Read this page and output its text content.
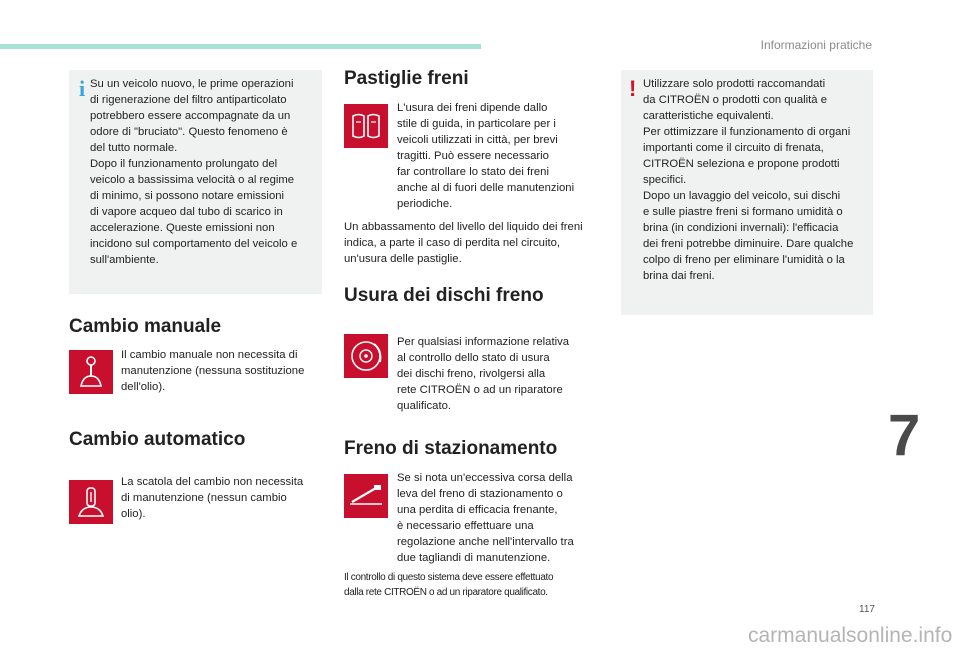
Informazioni pratiche
i Su un veicolo nuovo, le prime operazioni
di rigenerazione del filtro antiparticolato
potrebbero essere accompagnate da un
odore di "bruciato". Questo fenomeno è
del tutto normale.
Dopo il funzionamento prolungato del
veicolo a bassissima velocità o al regime
di minimo, si possono notare emissioni
di vapore acqueo dal tubo di scarico in
accelerazione. Queste emissioni non
incidono sul comportamento del veicolo e
sull'ambiente.
Cambio manuale
Il cambio manuale non necessita di
manutenzione (nessuna sostituzione
dell'olio).
Cambio automatico
La scatola del cambio non necessita
di manutenzione (nessun cambio
olio).
Pastiglie freni
L'usura dei freni dipende dallo
stile di guida, in particolare per i
veicoli utilizzati in città, per brevi
tragitti. Può essere necessario
far controllare lo stato dei freni
anche al di fuori delle manutenzioni
periodiche.
Un abbassamento del livello del liquido dei freni
indica, a parte il caso di perdita nel circuito,
un'usura delle pastiglie.
Usura dei dischi freno
Per qualsiasi informazione relativa
al controllo dello stato di usura
dei dischi freno, rivolgersi alla
rete CITROËN o ad un riparatore
qualificato.
Freno di stazionamento
Se si nota un'eccessiva corsa della
leva del freno di stazionamento o
una perdita di efficacia frenante,
è necessario effettuare una
regolazione anche nell'intervallo tra
due tagliandi di manutenzione.
Il controllo di questo sistema deve essere effettuato
dalla rete CITROËN o ad un riparatore qualificato.
! Utilizzare solo prodotti raccomandati
da CITROËN o prodotti con qualità e
caratteristiche equivalenti.
Per ottimizzare il funzionamento di organi
importanti come il circuito di frenata,
CITROËN seleziona e propone prodotti
specifici.
Dopo un lavaggio del veicolo, sui dischi
e sulle piastre freni si formano umidità o
brina (in condizioni invernali): l'efficacia
dei freni potrebbe diminuire. Dare qualche
colpo di freno per eliminare l'umidità o la
brina dai freni.
7
117
carmanualsonline.info
